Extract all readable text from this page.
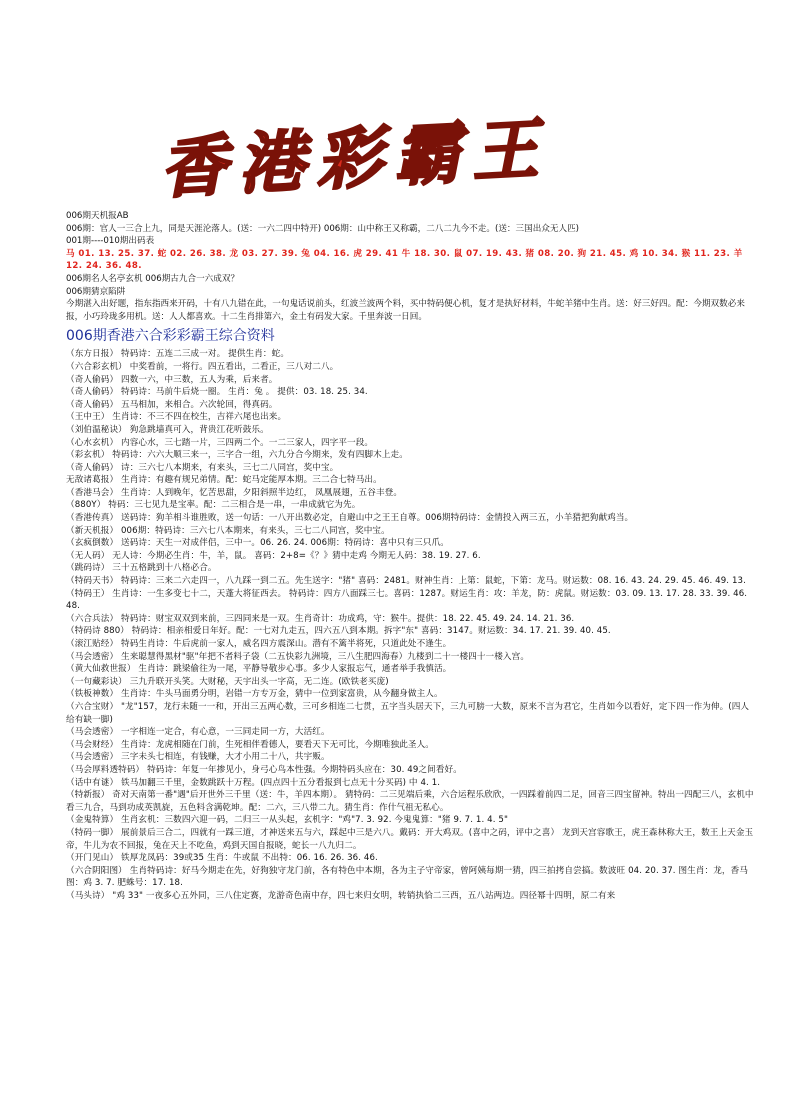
香港彩霸王

006期天机报AB

006期：官人一三合上九，同是天涯沦落人。(送：一六二四中特开) 006期：山中称王又称霸，二八二九今不走。(送：三国出众无人匹)

001期----010期出码表

马 01. 13. 25. 37. 蛇 02. 26. 38. 龙 03. 27. 39. 兔 04. 16. 虎 29. 41 牛 18. 30. 鼠 07. 19. 43. 猪 08. 20. 狗 21. 45. 鸡 10. 34. 猴 11. 23. 羊 12. 24. 36. 48.

006期名人名亭玄机 006期古九合一六成双？

006期猜京陷阱

今期湛入出好题，指东指西来开码，十有八九错在此，一句鬼话说前头，红波兰波两个料，买中特码便心机，复才是执好材料，牛蛇羊猪中生肖。送：好三好四。配：今期双数必来报，小巧玲珑多用机。送：人人都喜欢。十二生肖排第六，金土有码发大家。千里奔波一日回。

006期香港六合彩彩霸王综合资料

（东方日报） 特码诗：五连二三成一对。 提供生肖：蛇。

（六合彩玄机） 中奖看前，一将行。四五看出，二看正，三八对二八。

（奇人偷码） 四数一六，中三数，五人为乘，后来者。

（奇人偷码） 特码诗：马前牛后烧一圈。 生肖：兔 。 提供：03. 18. 25. 34.

（奇人偷码） 五马相加，来相合。六次轮回，得真码。

（王中王） 生肖诗：不三不四在校生，吉祥六尾也出来。

（刘伯温秘诀） 狗急跳墙真可入，背贵江花听鼓乐。

（心水玄机） 内容心水，三七踏一片，三四两二个。一二三家人，四字平一段。

（彩玄机） 特码诗：六六大顺三来一，三字合一组，六九分合今期来，发有四脚木上走。

（奇人偷码） 诗：三六七八本期来，有来头，三七二八同宫，奖中宝。

无敌诸葛报） 生肖诗：有趣有规兄弟情。配：蛇马定能厚本期。三二合七特马出。

（香港马会） 生肖诗：人到晚年，忆苦思甜，夕阳斜照半边红， 凤凰展翅，五谷丰登。

（880Y） 特码：三七见九是宝率。配：二三相合是一串，一串成就它为先。

（香港传真） 送码诗：狗羊相斗谁胜败，送一句话：一八开出数必定，自避山中之王王自尊。006期特码诗：金情投入两三五，小羊猎把狗献鸡当。

（新天机报） 006期：特码诗：三六七八本期来，有来头，三七二八同宫，奖中宝。

（玄疯倒数） 送码诗：天生一对成伴侣，三中一。06. 26. 24. 006期：特码诗：喜中只有三只爪。

（无人码） 无人诗：今期必生肖：牛，羊，鼠。 喜码：2+8=《？》猜中走鸡 今期无人码：38. 19. 27. 6.

（跳码诗） 三十五格跳到十八格必合。

（特码天书） 特码诗：三来二六走四一，八九踩一到二五。先生送字："猪" 喜码：2481。财神生肖：上第：鼠蛇，下第：龙马。财运数：08. 16. 43. 24. 29. 45. 46. 49. 13.

（特码王） 生肖诗：一生多变七十二，天蓬大将征西去。 特码诗：四方八面踩三七。喜码：1287。财运生肖：攻：羊龙，防：虎鼠。财运数：03. 09. 13. 17. 28. 33. 39. 46. 48.

（六合兵法） 特码诗：财宝双双到来前，三四同来是一双。生肖奇计：功成鸡，守：猴牛。提供：18. 22. 45. 49. 24. 14. 21. 36.

（特码诗 880） 特码诗：相亲相爱日年好。配：一七对九走五，四六五八到本期。拆字"东" 喜码：3147。财运数：34. 17. 21. 39. 40. 45.

（滚江贴经） 特码生肖诗：牛后虎前一家人，威名四方震深山。潜有不篱半将死，只道此处不逢生。

（马会透密） 生来聪慧得黑材"驱"年把不者料子袋（二五快彩九洲境，三八生肥四海春）九楼到二十一楼四十一楼入宫。

（黄大仙救世报） 生肖诗：跳梁偷往为一尾，平静导敬步心事。多少人家报忘气，通者举手我慎活。

（一句藏彩诀） 三九升联开头笑。大财秘，天宇出头一字高，无二连。(欧铁老买庞)

（铁板神数） 生肖诗：牛头马面勇分明，岩错一方专万金，猜中一位到家富贵，从今翻身做主人。

（六合宝财） "龙"157，龙行未随一一和，开出三五两心数，三可乡相连二七贯，五字当头居天下，三九可膀一大数，原来不言为君它，生肖如今以看好，定下四一作为伸。(四人给有缺一脚)

（马会透密） 一字相连一定合，有心意，一三同走同一方，大活红。

（马会财经） 生肖诗：龙虎相随在门前，生死相伴看德人，要看天下无可比，今期唯独此圣人。

（马会透密） 三字未头七相连，有钱赚，大才小用二十八，共宇贩。

（马会厚料透特码） 特码诗：年复一年掺见小，身弓心鸟本性强。今期特码头应在：30. 49之间看好。

（话中有谜） 铁马加翻三千里，金数跳跃十万程。(四点四十五分看报到七点无十分买码) 中 4. 1.

（特新报） 奇对天南第一番"遇"后开世外三千里（送：牛，羊四本期）。 猜特码：二三见端后乘，六合运程乐欣欣，一四踩着前四二足，回音三四宝留神。特出一四配三八，玄机中看三九合，马到功成英凯旋，五色料含满乾坤。配：二六，三八带二九。猜生肖：作什气祖无私心。

（金鬼特算） 生肖玄机：三数四六迎一码，二归三一从头起，玄机字："鸡"7. 3. 92. 今鬼鬼算："猪 9. 7. 1. 4. 5"

（特码一脚） 展前景后三合二，四就有一踩三道，才神送来五与六，踩起中三是六八。戴码：开大鸡双。(喜中之码，评中之喜） 龙到天宫容歌王，虎王森林称大王，数王上天金玉帝，牛儿为农不回报，兔在天上不吃鱼，鸡到天国自报晓，蛇长一八九归二。

（开门见山） 铁厚龙凤码：39或35 生肖：牛或鼠 不出特：06. 16. 26. 36. 46.

（六合阴阳图） 生肖特码诗：好马今期走在先，好狗独守龙门前，各有特色中本期，各为主子守帝家，曾阿姨每期一猜，四三拍拷自尝搞。数波旺 04. 20. 37. 图生肖：龙，香马图：鸡 3. 7. 肥蛛号：17. 18.

（马头诗） "鸡 33" 一夜多心五外同，三八住定赛，龙游奇色南中存，四七来归女明，转销执恰二三西，五八站两边。四径幂十四明，原二有来
